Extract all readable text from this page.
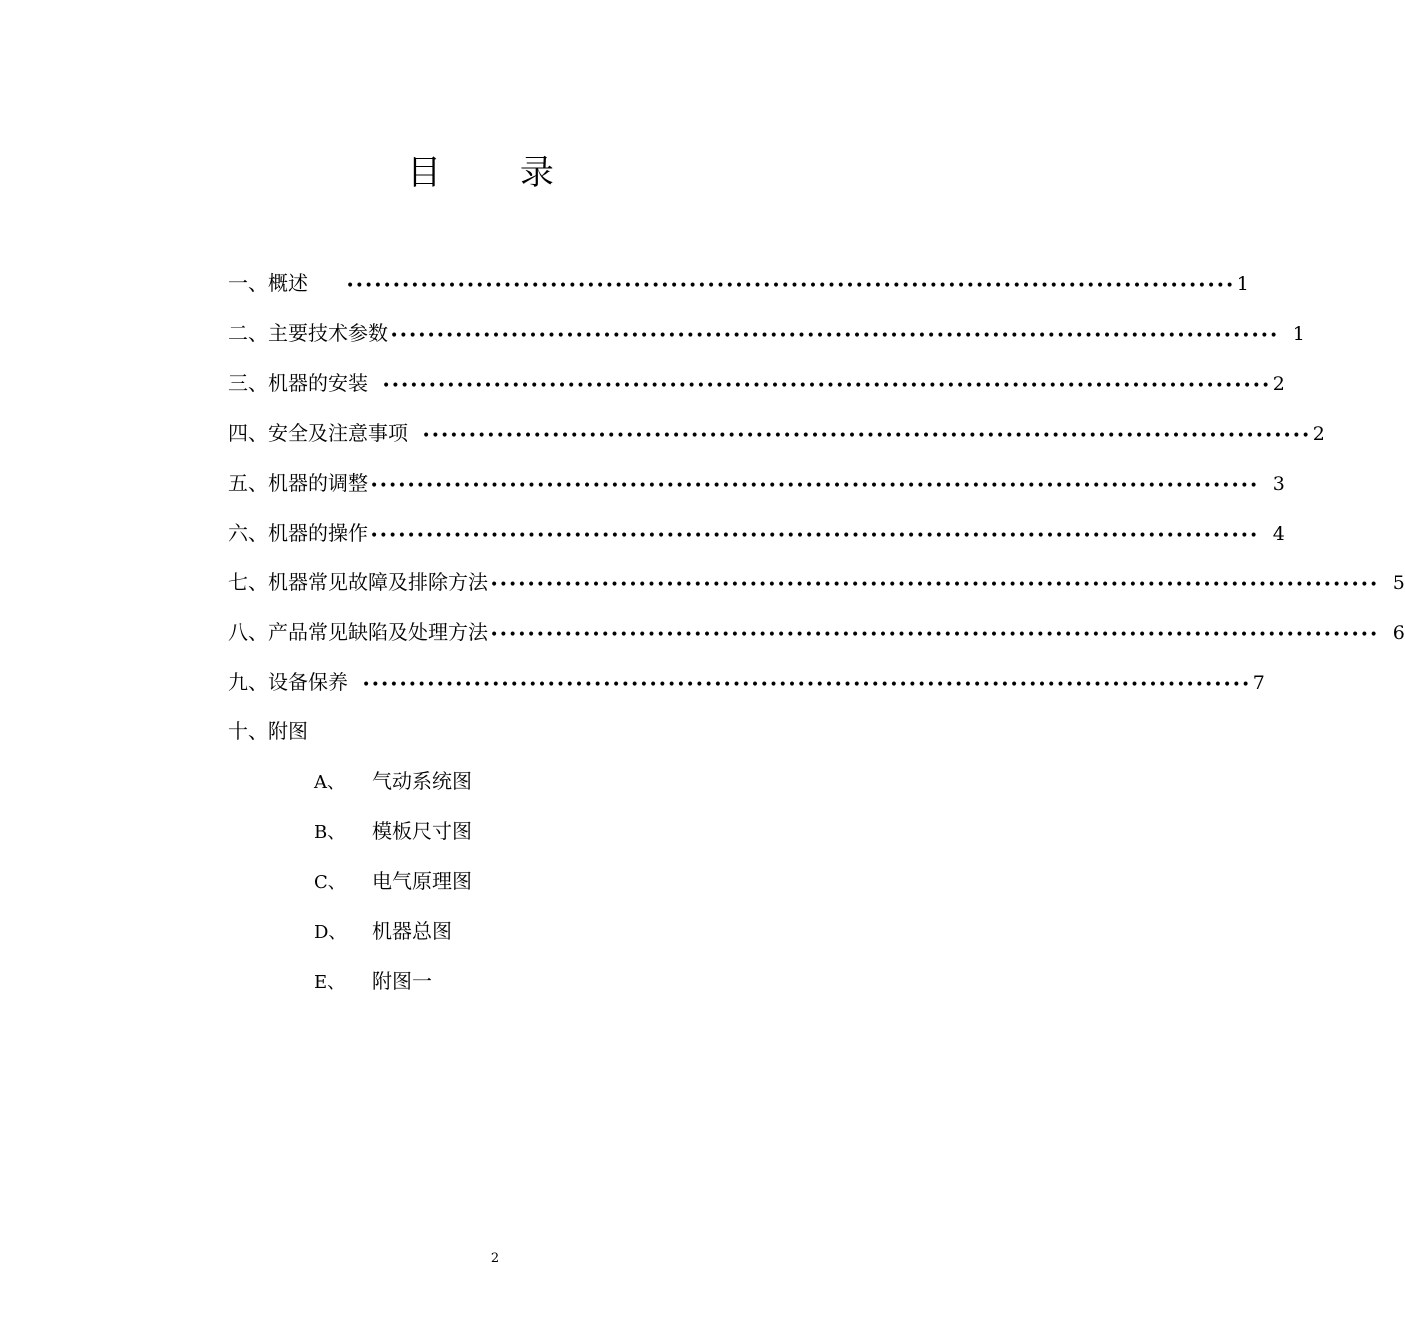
目 录
一、概述	•••••••••••••••••••••••••••••••••••••••••••••••••••••••••••••••••••••••••••••••••••••••••••••••• 1
二、主要技术参数 •••••••••••••••••••••••••••••••••••••••••••••••••••••••••••••••••••••••••••••••••••••••••••••••• 1
三、机器的安装	•••••••••••••••••••••••••••••••••••••••••••••••••••••••••••••••••••••••••••••••••••••••••••••••• 2
四、安全及注意事项	•••••••••••••••••••••••••••••••••••••••••••••••••••••••••••••••••••••••••••••••••••••••••••••••• 2
五、机器的调整 •••••••••••••••••••••••••••••••••••••••••••••••••••••••••••••••••••••••••••••••••••••••••••••••• 3
六、机器的操作 •••••••••••••••••••••••••••••••••••••••••••••••••••••••••••••••••••••••••••••••••••••••••••••••• 4
七、机器常见故障及排除方法 •••••••••••••••••••••••••••••••••••••••••••••••••••••••••••••••••••••••••••••••••••••••••••••••• 5
八、产品常见缺陷及处理方法 •••••••••••••••••••••••••••••••••••••••••••••••••••••••••••••••••••••••••••••••••••••••••••••••• 6
九、设备保养	•••••••••••••••••••••••••••••••••••••••••••••••••••••••••••••••••••••••••••••••••••••••••••••••• 7
十、附图
A、 气动系统图
B、 模板尺寸图
C、 电气原理图
D、 机器总图
E、 附图一
2
